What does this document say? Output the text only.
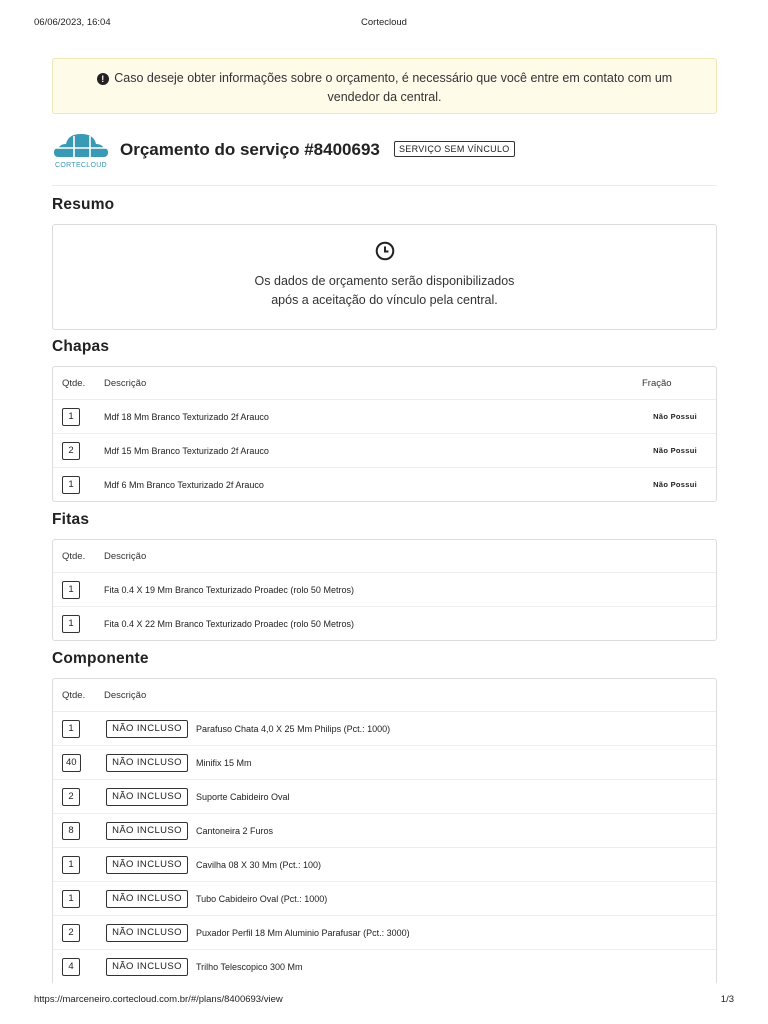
06/06/2023, 16:04	Cortecloud
! Caso deseje obter informações sobre o orçamento, é necessário que você entre em contato com um vendedor da central.
CORTECLOUD
Orçamento do serviço #8400693	SERVIÇO SEM VÍNCULO
Resumo
Os dados de orçamento serão disponibilizados
após a aceitação do vínculo pela central.
Chapas
Qtde. Descrição	Fração
1	Mdf 18 Mm Branco Texturizado 2f Arauco	Não Possui
2	Mdf 15 Mm Branco Texturizado 2f Arauco	Não Possui
1	Mdf 6 Mm Branco Texturizado 2f Arauco	Não Possui
Fitas
Qtde. Descrição
1	Fita 0.4 X 19 Mm Branco Texturizado Proadec (rolo 50 Metros)
1	Fita 0.4 X 22 Mm Branco Texturizado Proadec (rolo 50 Metros)
Componente
Qtde. Descrição
1	NÃO INCLUSO	Parafuso Chata 4,0 X 25 Mm Philips (Pct.: 1000)
40	NÃO INCLUSO	Minifix 15 Mm
2	NÃO INCLUSO	Suporte Cabideiro Oval
8	NÃO INCLUSO	Cantoneira 2 Furos
1	NÃO INCLUSO	Cavilha 08 X 30 Mm (Pct.: 100)
1	NÃO INCLUSO	Tubo Cabideiro Oval (Pct.: 1000)
2	NÃO INCLUSO	Puxador Perfil 18 Mm Aluminio Parafusar (Pct.: 3000)
4	NÃO INCLUSO	Trilho Telescopico 300 Mm
https://marceneiro.cortecloud.com.br/#/plans/8400693/view	1/3
